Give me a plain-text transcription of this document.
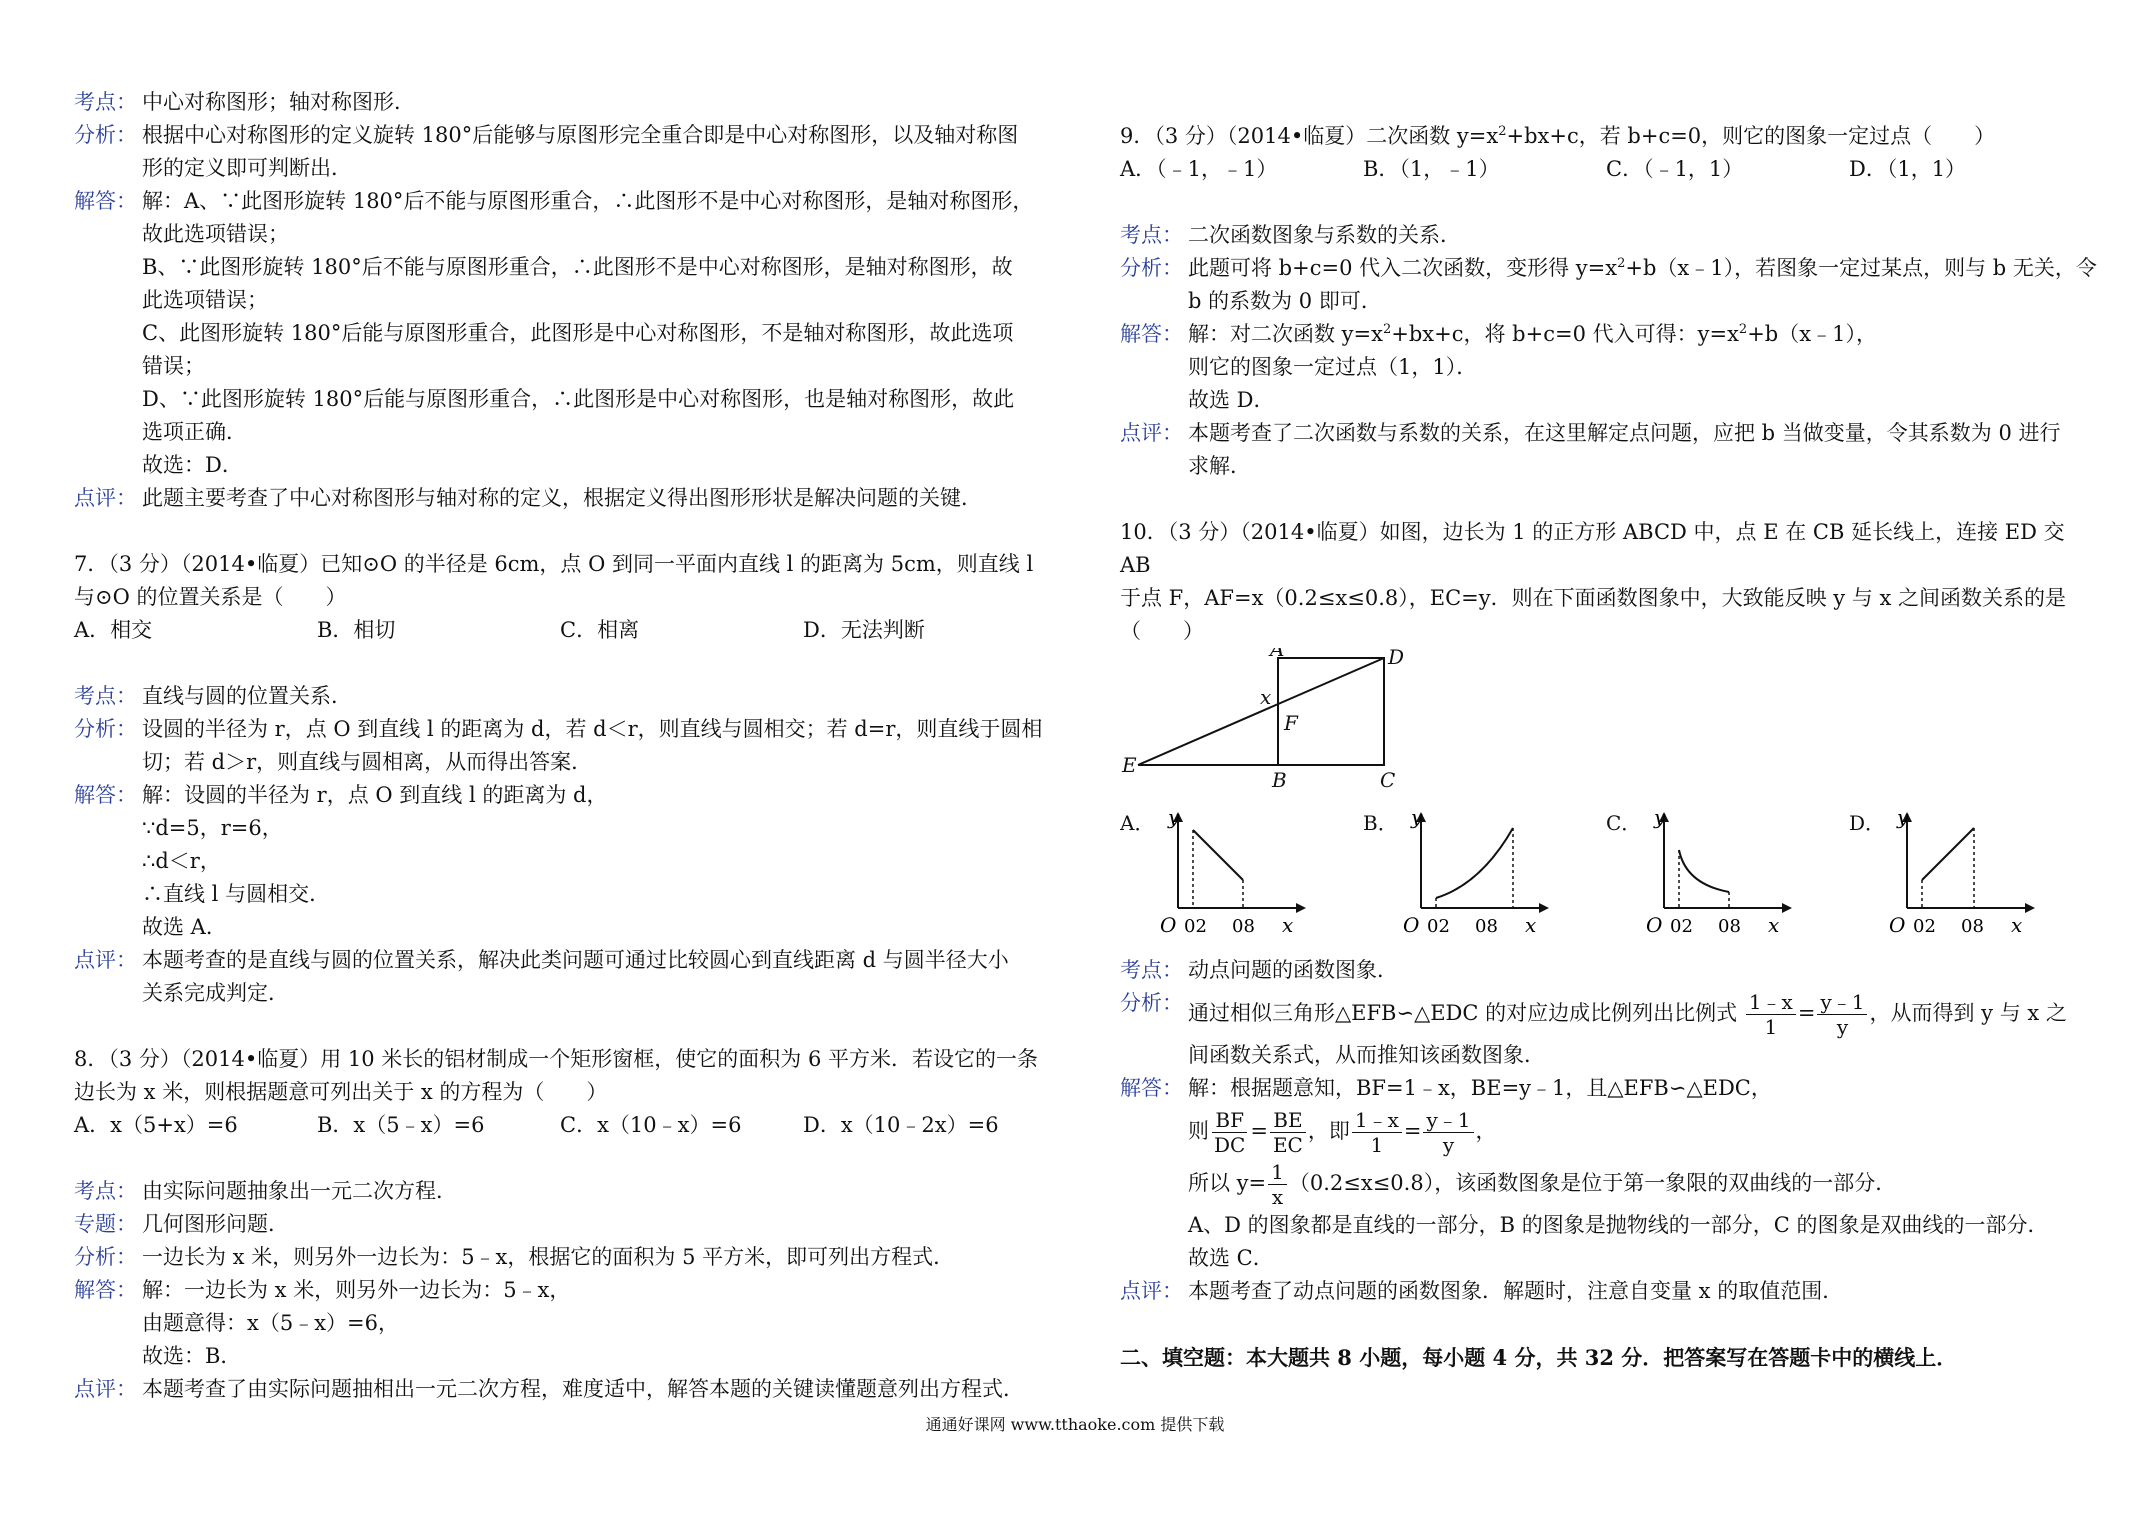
考点： 中心对称图形；轴对称图形．
分析： 根据中心对称图形的定义旋转 180°后能够与原图形完全重合即是中心对称图形，以及轴对称图
形的定义即可判断出．
解答： 解：A、∵此图形旋转 180°后不能与原图形重合，∴此图形不是中心对称图形，是轴对称图形，
故此选项错误；
B、∵此图形旋转 180°后不能与原图形重合，∴此图形不是中心对称图形，是轴对称图形，故
此选项错误；
C、此图形旋转 180°后能与原图形重合，此图形是中心对称图形，不是轴对称图形，故此选项
错误；
D、∵此图形旋转 180°后能与原图形重合，∴此图形是中心对称图形，也是轴对称图形，故此
选项正确．
故选：D．
点评： 此题主要考查了中心对称图形与轴对称的定义，根据定义得出图形形状是解决问题的关键．
7．（3 分）（2014•临夏）已知⊙O 的半径是 6cm，点 O 到同一平面内直线 l 的距离为 5cm，则直线 l
与⊙O 的位置关系是（　　）
A．相交	B．相切	C．相离	D．无法判断
考点： 直线与圆的位置关系．
分析： 设圆的半径为 r，点 O 到直线 l 的距离为 d，若 d＜r，则直线与圆相交；若 d=r，则直线于圆相
切；若 d＞r，则直线与圆相离，从而得出答案．
解答： 解：设圆的半径为 r，点 O 到直线 l 的距离为 d，
∵d=5，r=6，
∴d＜r，
∴直线 l 与圆相交．
故选 A．
点评： 本题考查的是直线与圆的位置关系，解决此类问题可通过比较圆心到直线距离 d 与圆半径大小
关系完成判定．
8．（3 分）（2014•临夏）用 10 米长的铝材制成一个矩形窗框，使它的面积为 6 平方米．若设它的一条
边长为 x 米，则根据题意可列出关于 x 的方程为（　　）
A．x（5+x）=6	B．x（5﹣x）=6	C．x（10﹣x）=6	D．x（10﹣2x）=6
考点： 由实际问题抽象出一元二次方程．
专题： 几何图形问题．
分析： 一边长为 x 米，则另外一边长为：5﹣x，根据它的面积为 5 平方米，即可列出方程式．
解答： 解：一边长为 x 米，则另外一边长为：5﹣x，
由题意得：x（5﹣x）=6，
故选：B．
点评： 本题考查了由实际问题抽相出一元二次方程，难度适中，解答本题的关键读懂题意列出方程式．
9．（3 分）（2014•临夏）二次函数 $y=x^2+bx+c$，若 b+c=0，则它的图象一定过点（　　）
A．（﹣1，﹣1）	B．（1，﹣1）	C．（﹣1，1）	D．（1，1）
考点： 二次函数图象与系数的关系．
分析： 此题可将 b+c=0 代入二次函数，变形得 $y=x^2+b(x﹣1)$，若图象一定过某点，则与 b 无关，令
b 的系数为 0 即可．
解答： 解：对二次函数 $y=x^2+bx+c$，将 b+c=0 代入可得：$y=x^2+b(x﹣1)$，
则它的图象一定过点（1，1）．
故选 D．
点评： 本题考查了二次函数与系数的关系，在这里解定点问题，应把 b 当做变量，令其系数为 0 进行
求解．
10．（3 分）（2014•临夏）如图，边长为 1 的正方形 ABCD 中，点 E 在 CB 延长线上，连接 ED 交 AB
于点 F，AF=x（0.2≤x≤0.8），EC=y．则在下面函数图象中，大致能反映 y 与 x 之间函数关系的是（　　）
A	D
x
F
E
B	C
A．	B．	C．	D．
y
O 02 08 x
y
O 02 08 x
y
O 02 08 x
y
O 02 08 x
考点： 动点问题的函数图象．
分析： 通过相似三角形△EFB∽△EDC 的对应边成比例列出比例式 $\frac{1﹣x}{1} = \frac{y﹣1}{y}$ ，从而得到 y 与 x 之
间函数关系式，从而推知该函数图象．
解答： 解：根据题意知，BF=1﹣x，BE=y﹣1，且△EFB∽△EDC，
则 $\frac{BF}{DC} = \frac{BE}{EC}$ ，即 $\frac{1﹣x}{1} = \frac{y﹣1}{y}$ ，
所以 $y= \frac{1}{x} (0.2\le x\le 0.8)$，该函数图象是位于第一象限的双曲线的一部分．
A、D 的图象都是直线的一部分，B 的图象是抛物线的一部分，C 的图象是双曲线的一部分．
故选 C．
点评： 本题考查了动点问题的函数图象．解题时，注意自变量 x 的取值范围．
二、填空题：本大题共 8 小题，每小题 4 分，共 32 分．把答案写在答题卡中的横线上．
通通好课网 www.tthaoke.com 提供下载
